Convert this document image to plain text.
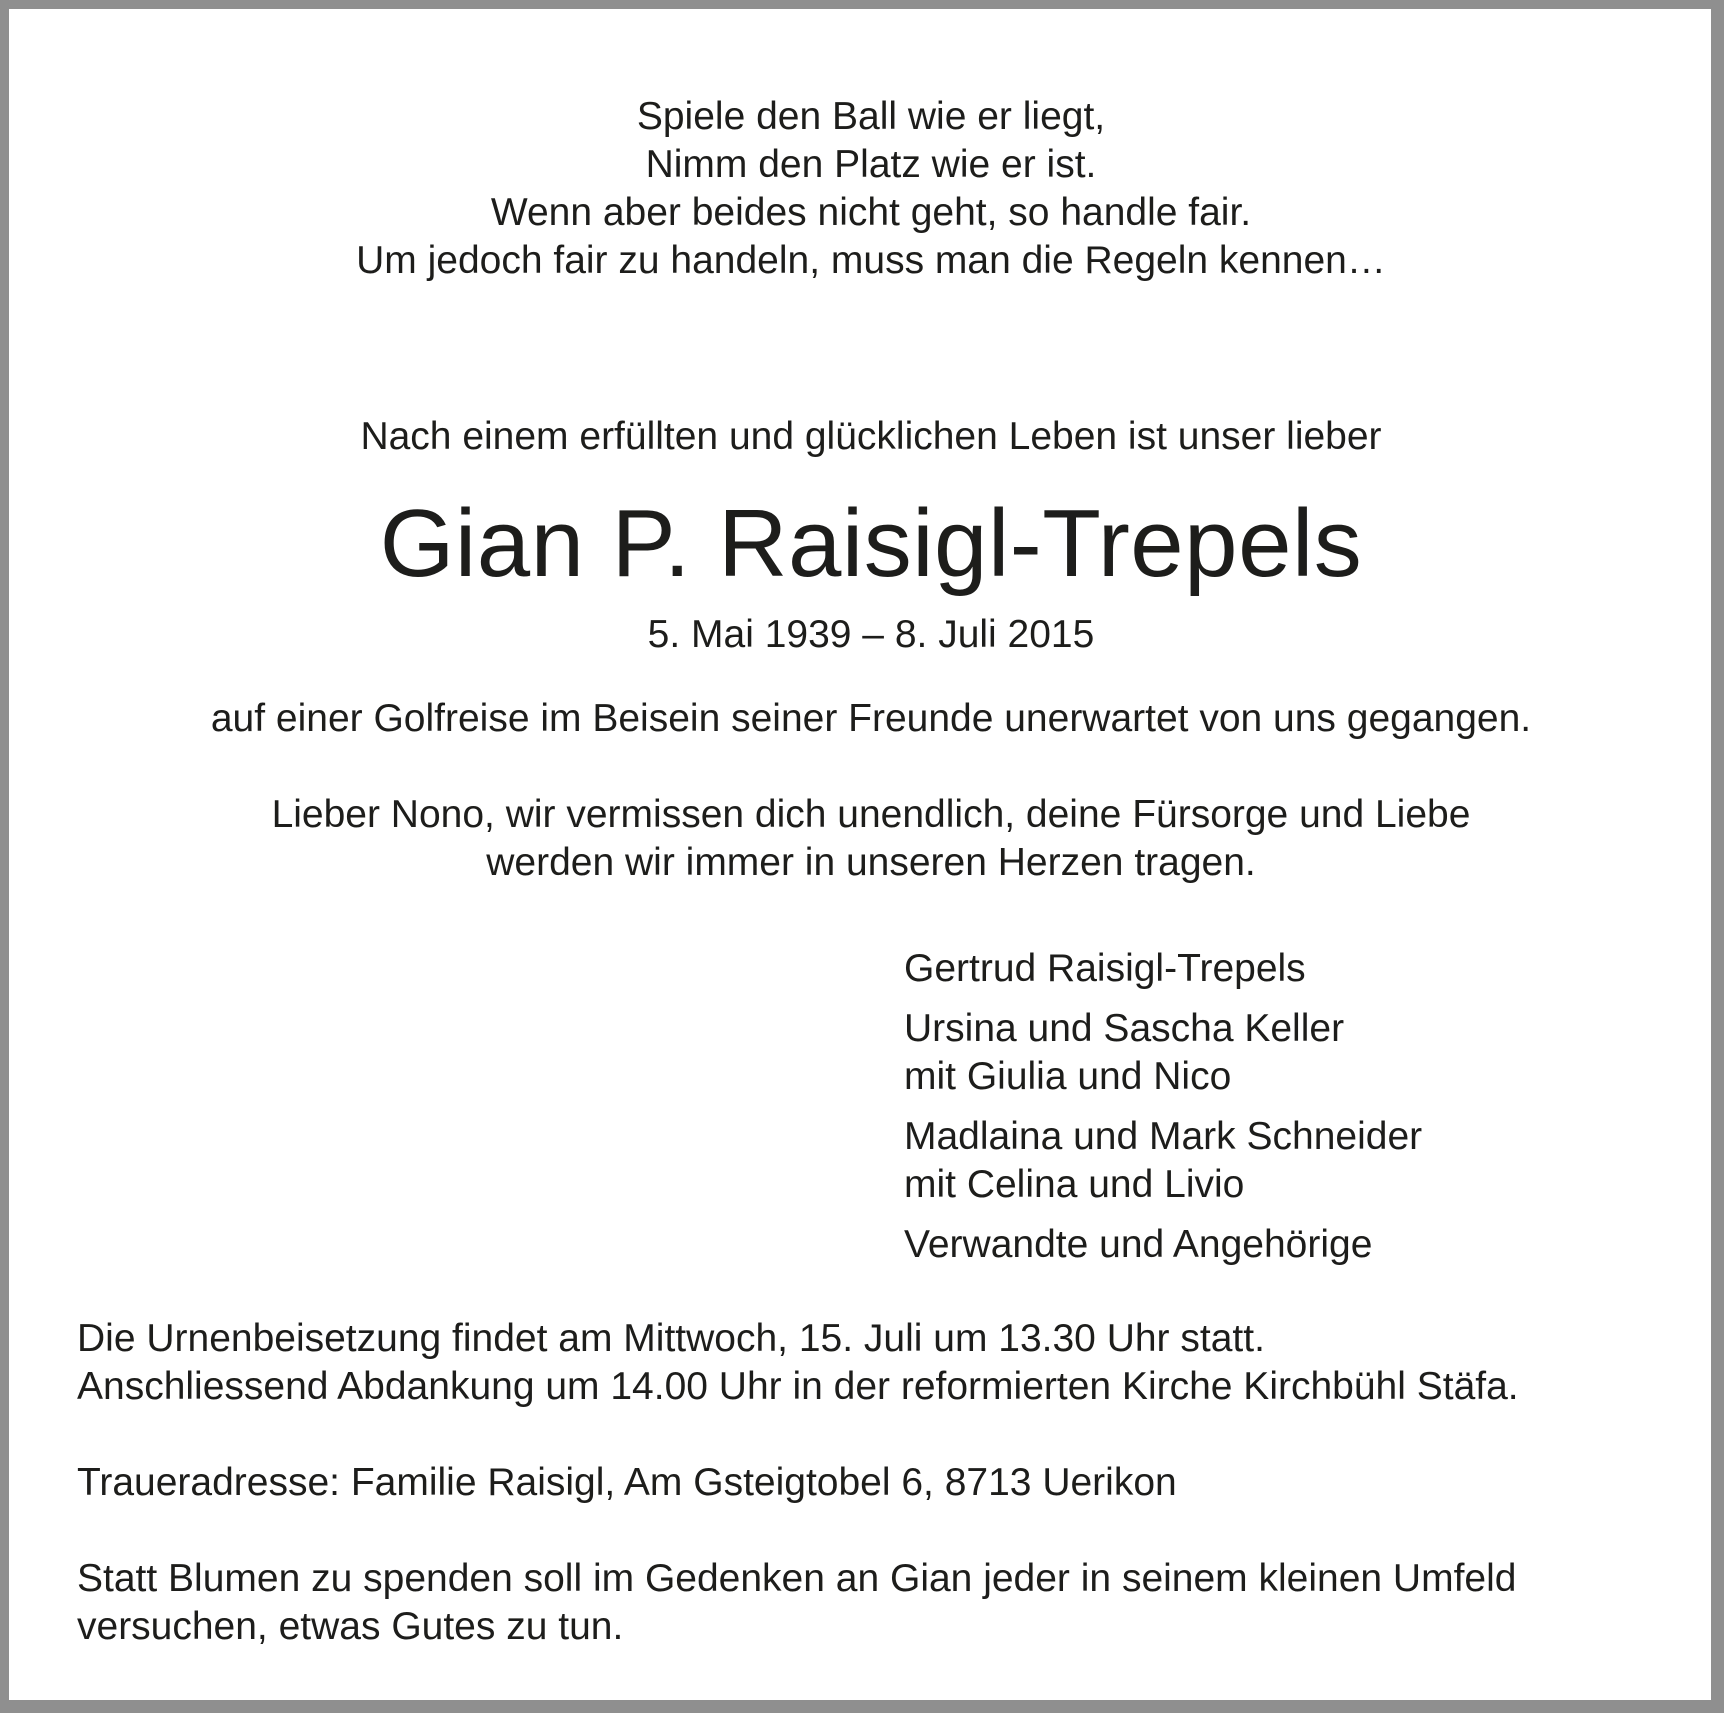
Spiele den Ball wie er liegt,
Nimm den Platz wie er ist.
Wenn aber beides nicht geht, so handle fair.
Um jedoch fair zu handeln, muss man die Regeln kennen…
Nach einem erfüllten und glücklichen Leben ist unser lieber
Gian P. Raisigl-Trepels
5. Mai 1939 – 8. Juli 2015
auf einer Golfreise im Beisein seiner Freunde unerwartet von uns gegangen.
Lieber Nono, wir vermissen dich unendlich, deine Fürsorge und Liebe
werden wir immer in unseren Herzen tragen.
Gertrud Raisigl-Trepels
Ursina und Sascha Keller
mit Giulia und Nico
Madlaina und Mark Schneider
mit Celina und Livio
Verwandte und Angehörige
Die Urnenbeisetzung findet am Mittwoch, 15. Juli um 13.30 Uhr statt.
Anschliessend Abdankung um 14.00 Uhr in der reformierten Kirche Kirchbühl Stäfa.
Traueradresse: Familie Raisigl, Am Gsteigtobel 6, 8713 Uerikon
Statt Blumen zu spenden soll im Gedenken an Gian jeder in seinem kleinen Umfeld
versuchen, etwas Gutes zu tun.
